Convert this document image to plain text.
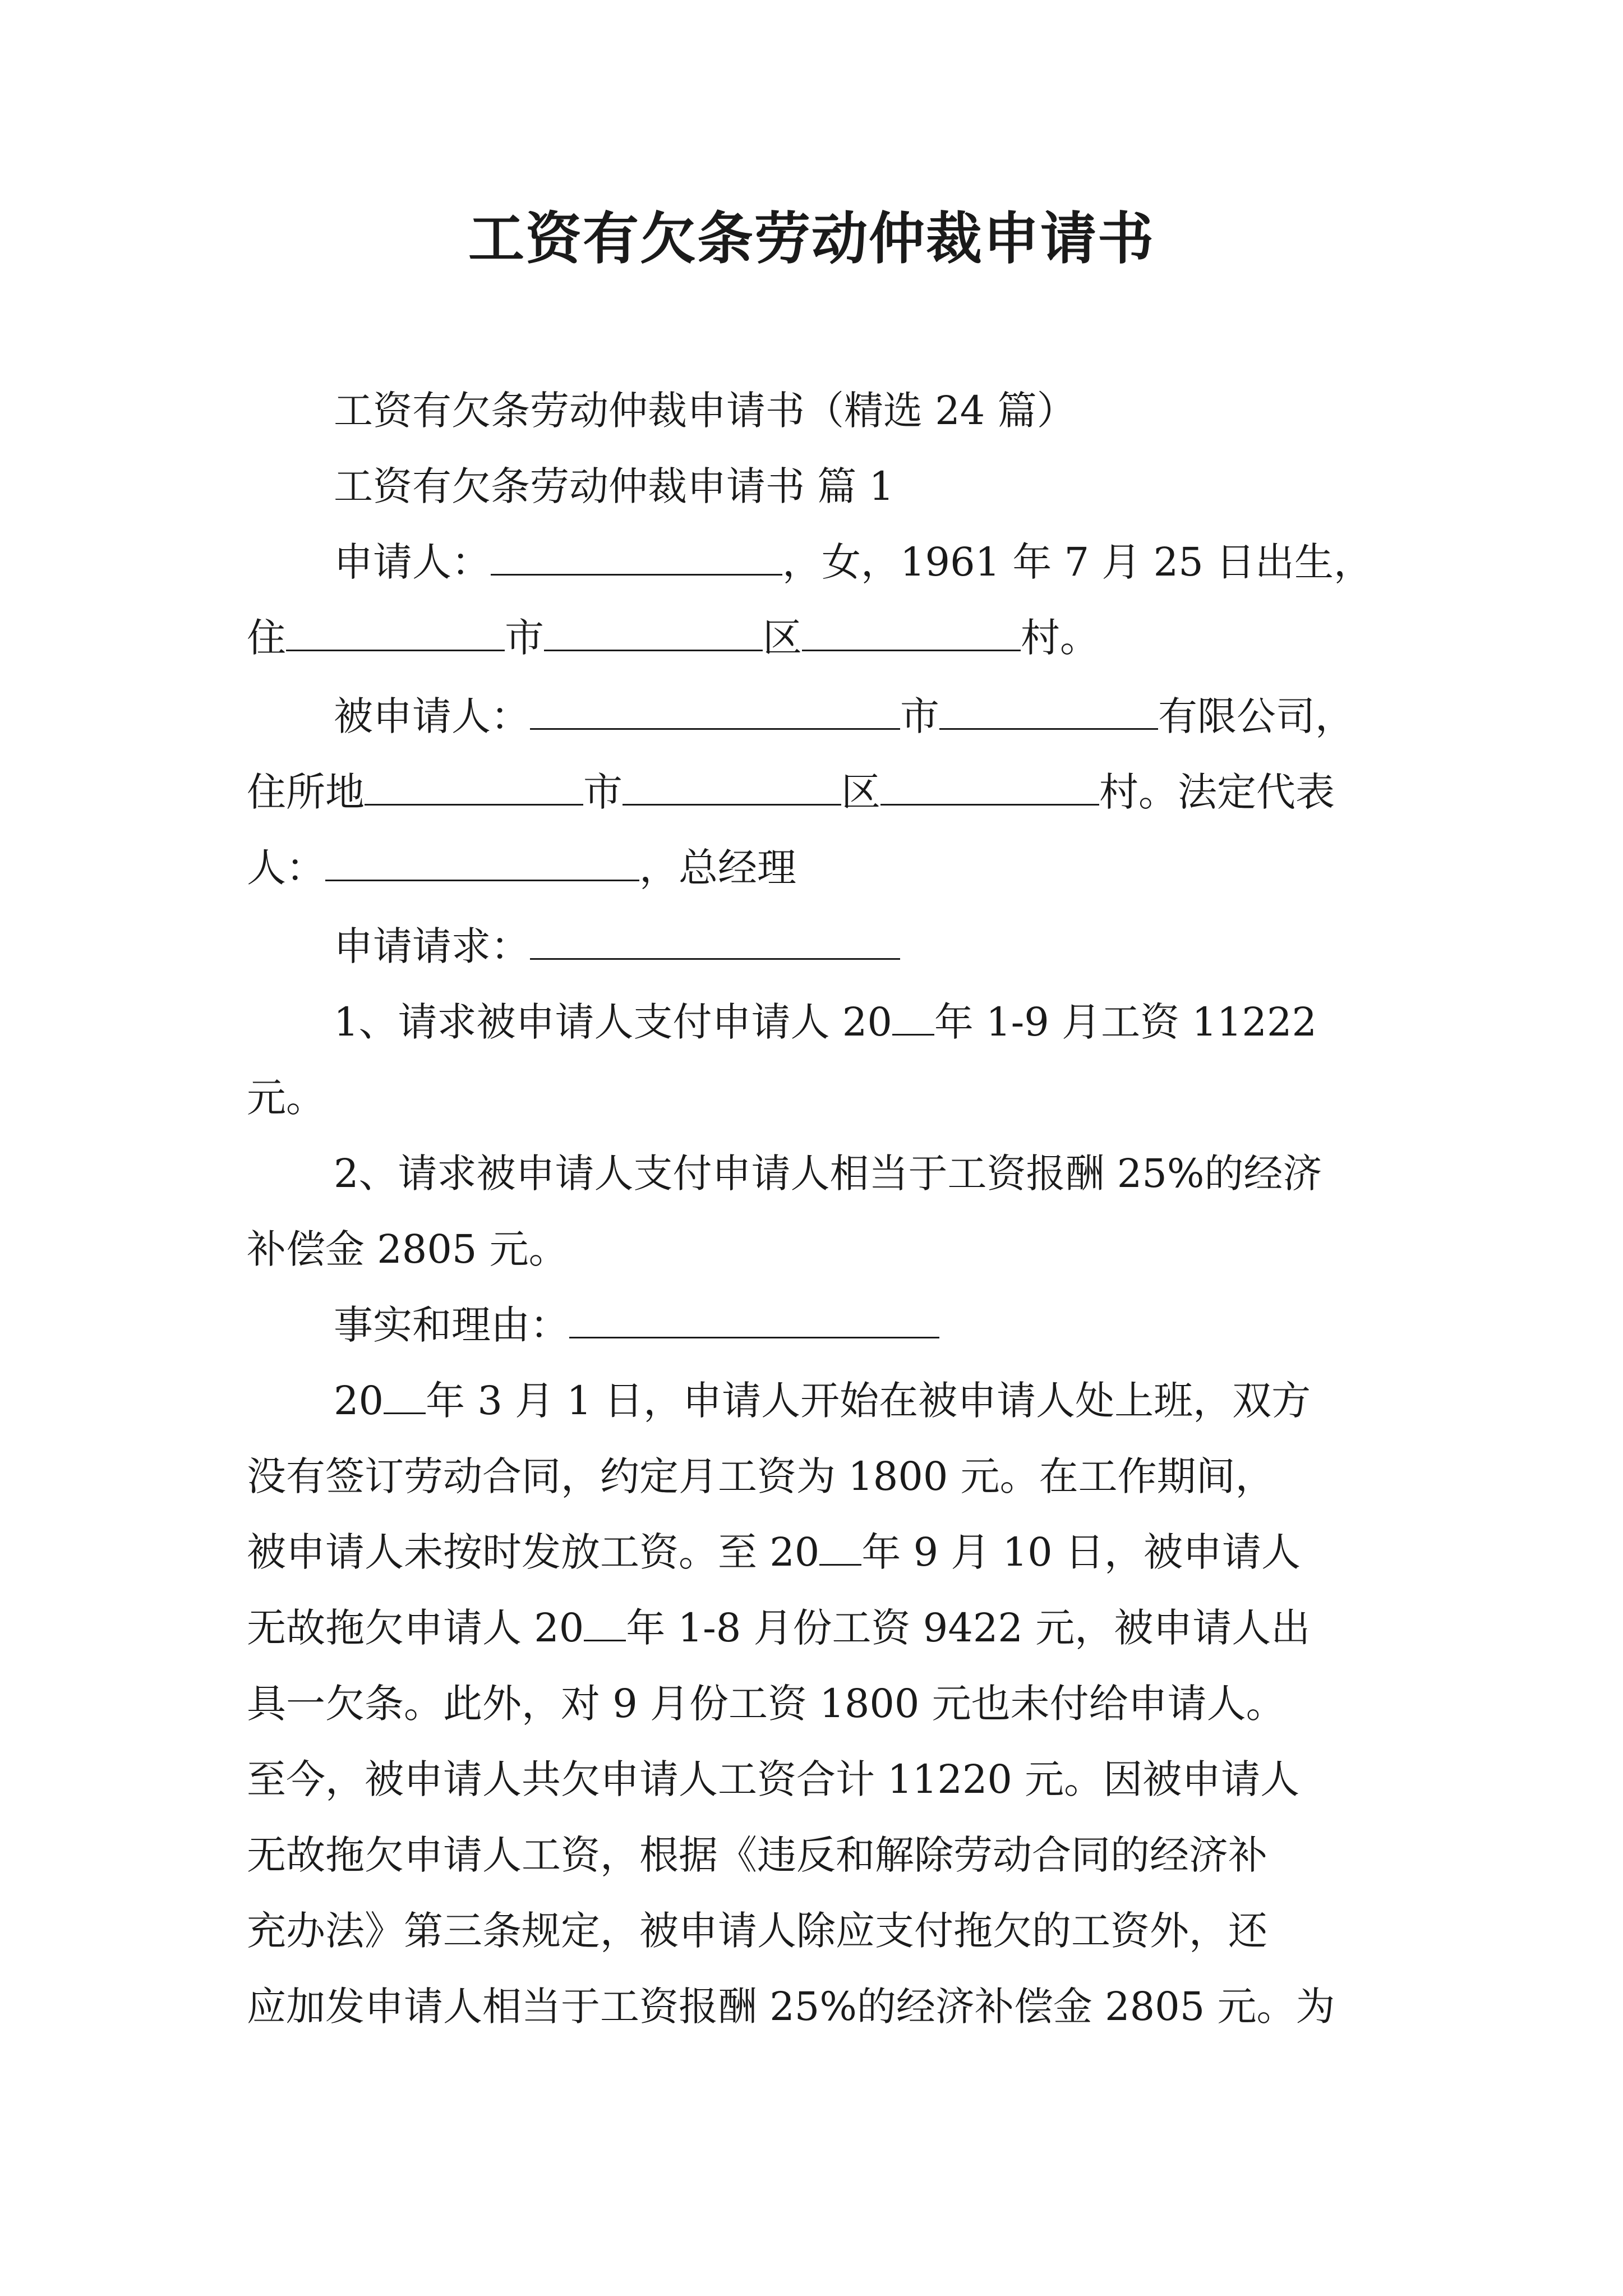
工资有欠条劳动仲裁申请书
工资有欠条劳动仲裁申请书（精选 24 篇）
工资有欠条劳动仲裁申请书 篇 1
申请人：	，女，1961 年 7 月 25 日出生，
住	市	区	村。
被申请人：	市	有限公司，
住所地	市	区	村。法定代表
人：	，总经理
申请请求：
1、请求被申请人支付申请人 20 年 1-9 月工资 11222
元。
2、请求被申请人支付申请人相当于工资报酬 25%的经济
补偿金 2805 元。
事实和理由：
20 年 3 月 1 日，申请人开始在被申请人处上班，双方
没有签订劳动合同，约定月工资为 1800 元。在工作期间，
被申请人未按时发放工资。至 20 年 9 月 10 日，被申请人
无故拖欠申请人 20 年 1-8 月份工资 9422 元，被申请人出
具一欠条。此外，对 9 月份工资 1800 元也未付给申请人。
至今，被申请人共欠申请人工资合计 11220 元。因被申请人
无故拖欠申请人工资，根据《违反和解除劳动合同的经济补
充办法》第三条规定，被申请人除应支付拖欠的工资外，还
应加发申请人相当于工资报酬 25%的经济补偿金 2805 元。为
